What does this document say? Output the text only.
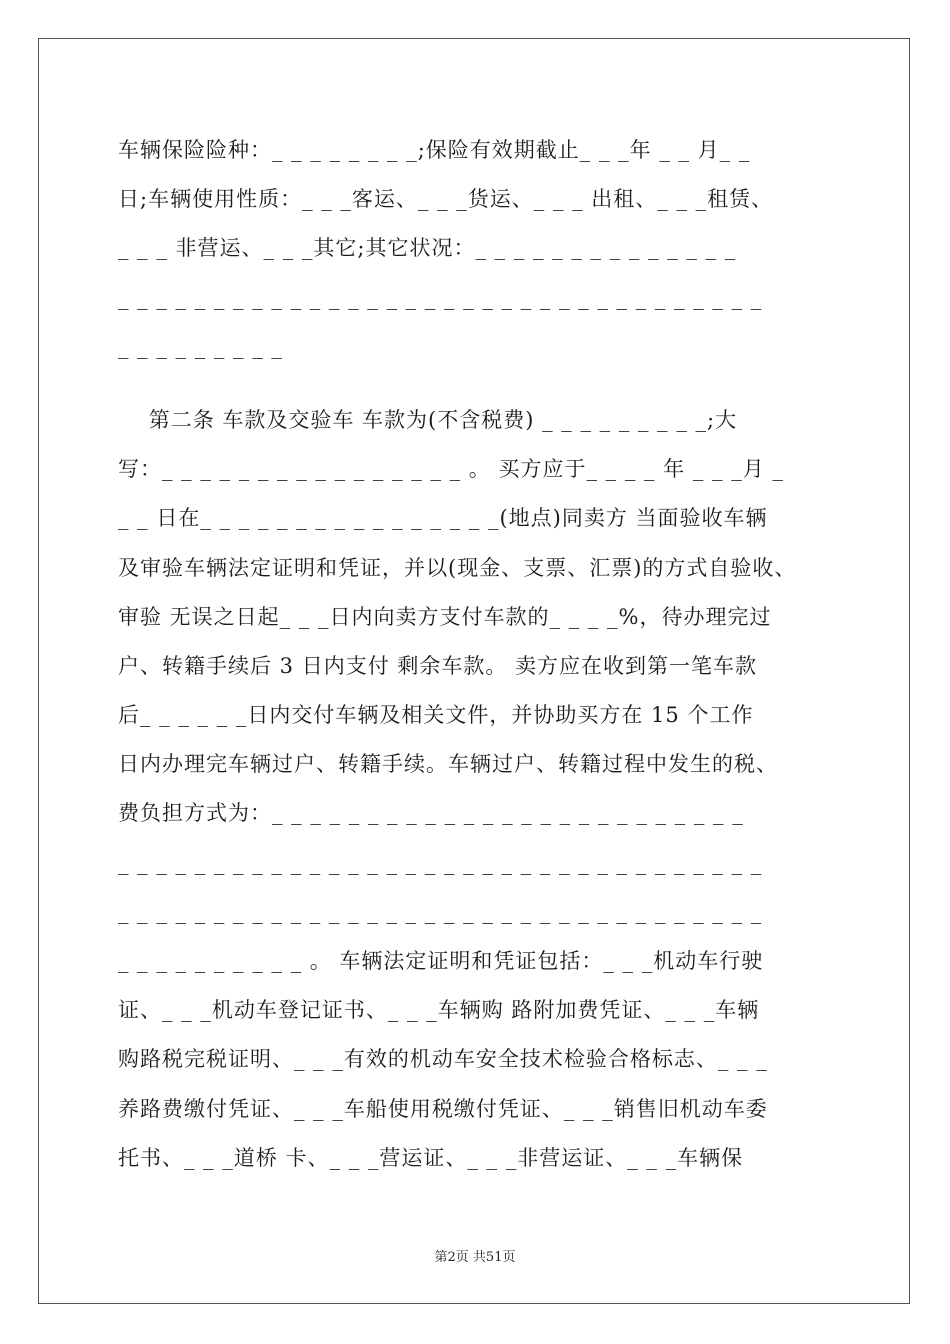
车辆保险险种：_ _ _ _ _ _ _ _;保险有效期截止_ _ _年 _ _ 月_ _
日;车辆使用性质：_ _ _客运、_ _ _货运、_ _ _ 出租、_ _ _租赁、
_ _ _ 非营运、_ _ _其它;其它状况：_ _ _ _ _ _ _ _ _ _ _ _ _ _
_ _ _ _ _ _ _ _ _ _ _ _ _ _ _ _ _ _ _ _ _ _ _ _ _ _ _ _ _ _ _ _ _ _
_ _ _ _ _ _ _ _ _
第二条 车款及交验车 车款为(不含税费) _ _ _ _ _ _ _ _ _;大
写：_ _ _ _ _ _ _ _ _ _ _ _ _ _ _ _ 。 买方应于_ _ _ _ 年 _ _ _月 _
_ _ 日在_ _ _ _ _ _ _ _ _ _ _ _ _ _ _ _(地点)同卖方 当面验收车辆
及审验车辆法定证明和凭证，并以(现金、支票、汇票)的方式自验收、
审验 无误之日起_ _ _日内向卖方支付车款的_ _ _ _%，待办理完过
户、转籍手续后 3 日内支付 剩余车款。 卖方应在收到第一笔车款
后_ _ _ _ _ _日内交付车辆及相关文件，并协助买方在 15 个工作
日内办理完车辆过户、转籍手续。车辆过户、转籍过程中发生的税、
费负担方式为：_ _ _ _ _ _ _ _ _ _ _ _ _ _ _ _ _ _ _ _ _ _ _ _ _
_ _ _ _ _ _ _ _ _ _ _ _ _ _ _ _ _ _ _ _ _ _ _ _ _ _ _ _ _ _ _ _ _ _
_ _ _ _ _ _ _ _ _ _ _ _ _ _ _ _ _ _ _ _ _ _ _ _ _ _ _ _ _ _ _ _ _ _
_ _ _ _ _ _ _ _ _ _ 。 车辆法定证明和凭证包括：_ _ _机动车行驶
证、_ _ _机动车登记证书、_ _ _车辆购 路附加费凭证、_ _ _车辆
购路税完税证明、_ _ _有效的机动车安全技术检验合格标志、_ _ _
养路费缴付凭证、_ _ _车船使用税缴付凭证、_ _ _销售旧机动车委
托书、_ _ _道桥 卡、_ _ _营运证、_ _ _非营运证、_ _ _车辆保
第2页 共51页
